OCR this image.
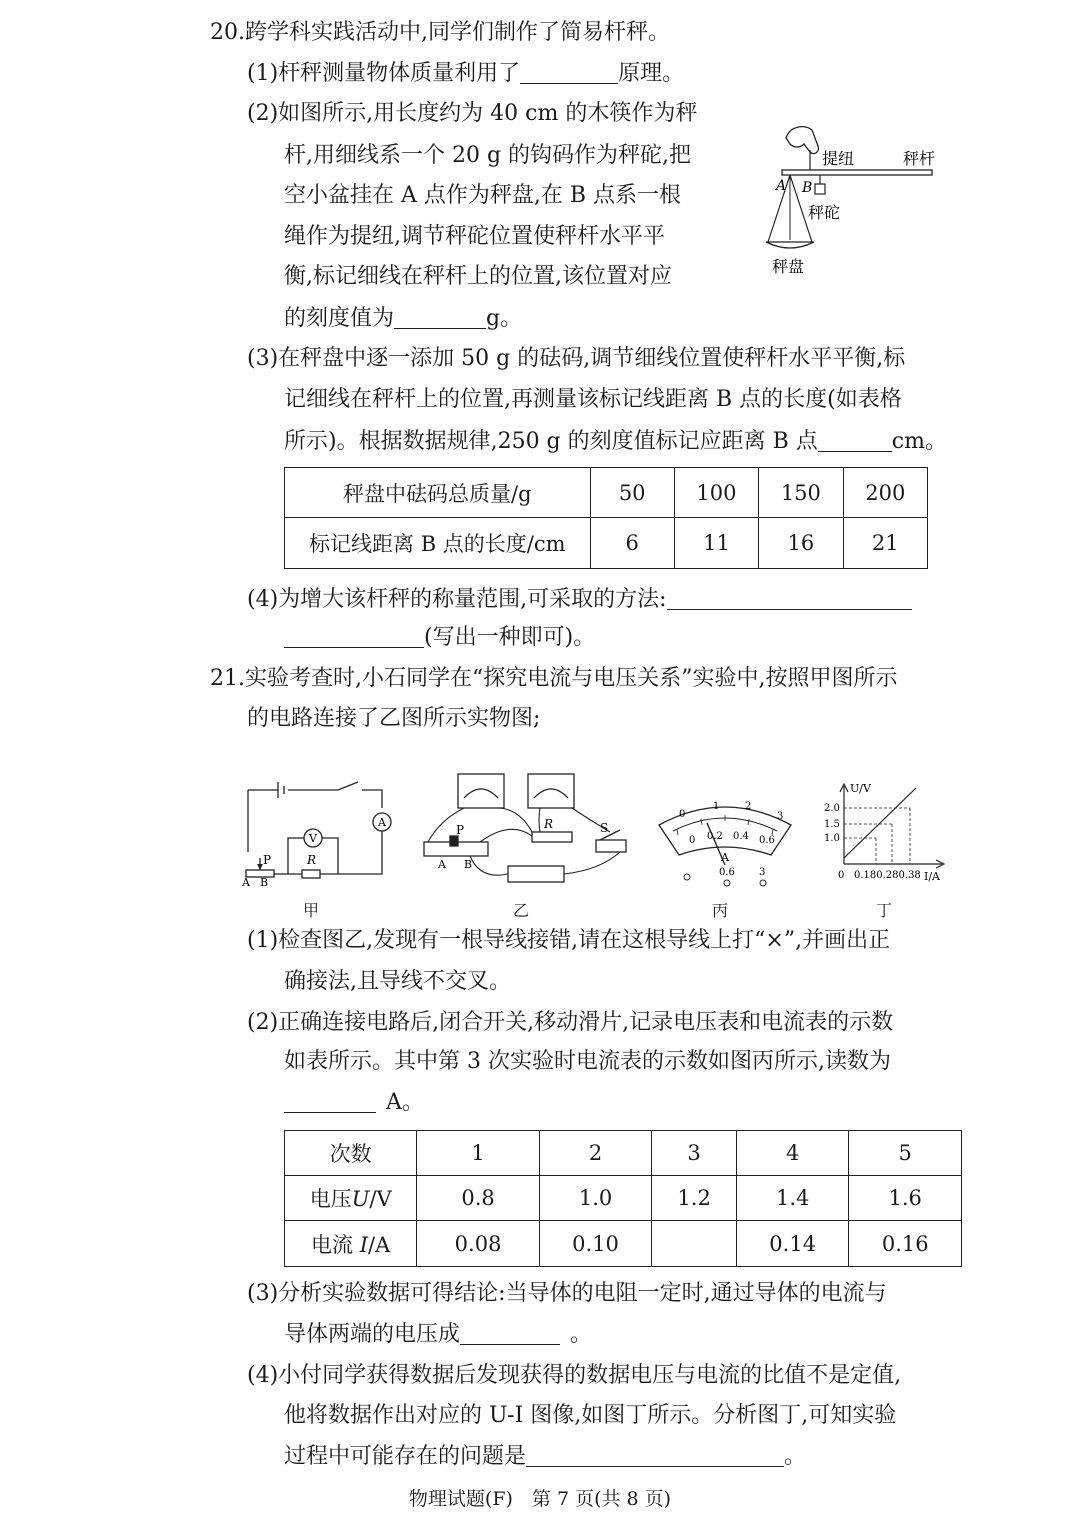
20.跨学科实践活动中,同学们制作了简易杆秤。
(1)杆秤测量物体质量利用了	原理。
(2)如图所示,用长度约为 40 cm 的木筷作为秤
杆,用细线系一个 20 g 的钩码作为秤砣,把
空小盆挂在 A 点作为秤盘,在 B 点系一根
绳作为提纽,调节秤砣位置使秤杆水平平
衡,标记细线在秤杆上的位置,该位置对应
的刻度值为	g。
提纽	秤杆
A B
秤砣
秤盘
(3)在秤盘中逐一添加 50 g 的砝码,调节细线位置使秤杆水平平衡,标
记细线在秤杆上的位置,再测量该标记线距离 B 点的长度(如表格
所示)。根据数据规律,250 g 的刻度值标记应距离 B 点	cm。
秤盘中砝码总质量/g	50	100	150	200
标记线距离 B 点的长度/cm	6	11	16	21
(4)为增大该杆秤的称量范围,可采取的方法:
(写出一种即可)。
21.实验考查时,小石同学在“探究电流与电压关系”实验中,按照甲图所示
的电路连接了乙图所示实物图;
A
V
R
P
A B
P	R	S
A B
0
1	2
3
0 0.2 0.4 0.6
A
0.6 3
U/V
I/A
0
2.0
1.5
1.0
0.180.280.38
甲	乙	丙	丁
(1)检查图乙,发现有一根导线接错,请在这根导线上打“×”,并画出正
确接法,且导线不交叉。
(2)正确连接电路后,闭合开关,移动滑片,记录电压表和电流表的示数
如表所示。其中第 3 次实验时电流表的示数如图丙所示,读数为
A。
次数	1	2	3	4	5
电压U/V	0.8	1.0	1.2	1.4	1.6
电流 I/A	0.08	0.10		0.14	0.16
(3)分析实验数据可得结论:当导体的电阻一定时,通过导体的电流与
导体两端的电压成	。
(4)小付同学获得数据后发现获得的数据电压与电流的比值不是定值,
他将数据作出对应的 U-I 图像,如图丁所示。分析图丁,可知实验
过程中可能存在的问题是	。
物理试题(F)　第 7 页(共 8 页)
